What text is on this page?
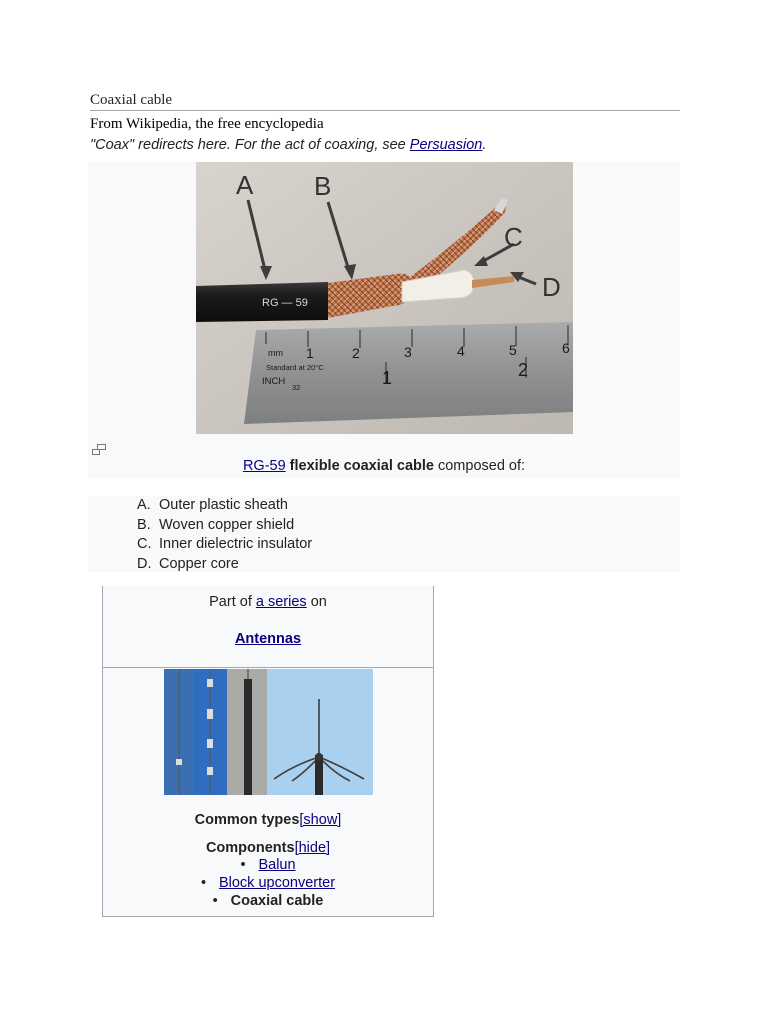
Coaxial cable
From Wikipedia, the free encyclopedia
"Coax" redirects here. For the act of coaxing, see Persuasion.
mm 1	2	3	4	5	6
Standard at 20°C
INCH
32	1	2
RG — 59
A B
C
D
RG-59 flexible coaxial cable composed of:
A. Outer plastic sheath
B. Woven copper shield
C. Inner dielectric insulator
D. Copper core
Part of a series on
Antennas
Common types[show]
Components[hide]
• Balun
• Block upconverter
• Coaxial cable
